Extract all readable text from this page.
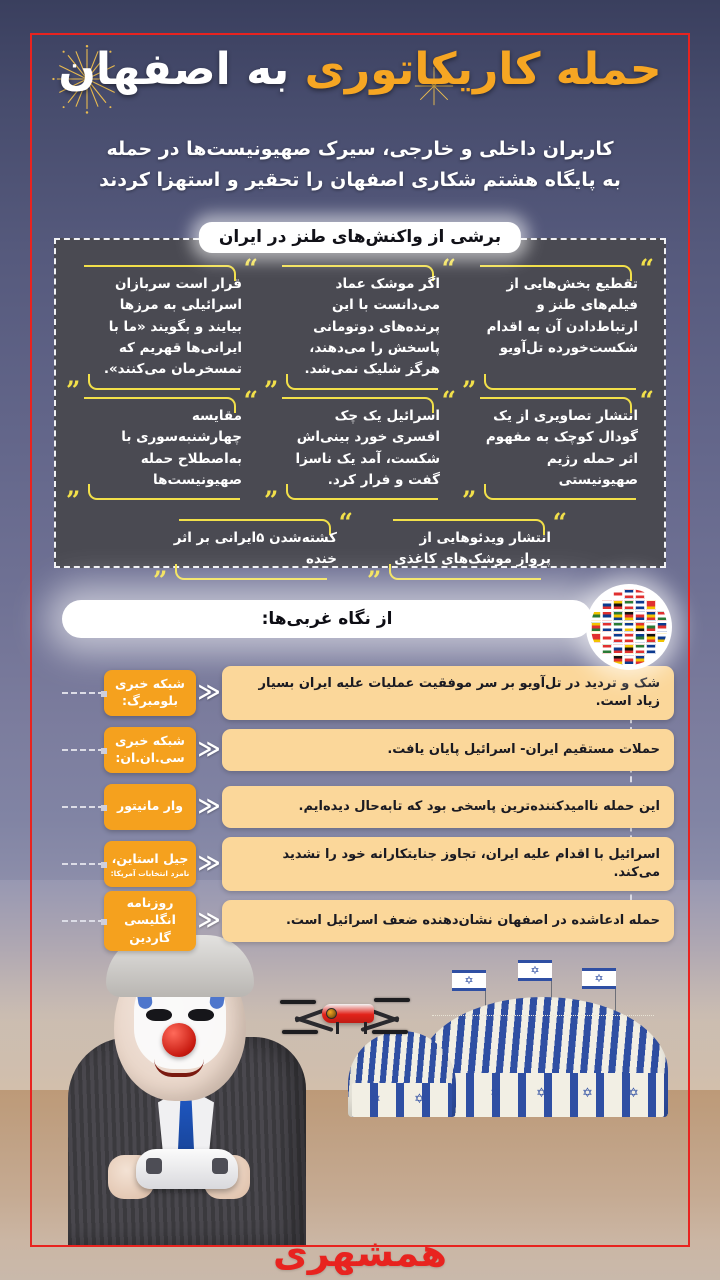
حمله کاریکاتوری به اصفهان
کاربران داخلی و خارجی، سیرک صهیونیست‌ها در حمله
به پایگاه هشتم شکاری اصفهان را تحقیر و استهزا کردند
برشی از واکنش‌های طنز در ایران
“
تقطیع بخش‌هایی از فیلم‌های طنز و ارتباط‌دادن آن به اقدام شکست‌خورده تل‌آویو
”
“
اگر موشک عماد می‌دانست با این پرنده‌های دوتومانی پاسخش را می‌دهند، هرگز شلیک نمی‌شد.
”
“
قرار است سربازان اسرائیلی به مرزها بیایند و بگویند «ما با ایرانی‌ها قهریم که تمسخرمان می‌کنند».
”	“
انتشار تصاویری از یک گودال کوچک به مفهوم اثر حمله رژیم صهیونیستی
”
“
اسرائیل یک چک افسری خورد بینی‌اش شکست، آمد یک ناسزا گفت و فرار کرد.
”
“
مقایسه چهارشنبه‌سوری با به‌اصطلاح حمله صهیونیست‌ها
”
“
انتشار ویدئوهایی از پرواز موشک‌های کاغذی
”
“
کشته‌شدن ۵ایرانی بر اثر خنده
”
از نگاه غربی‌ها:
شبکه خبری بلومبرگ: ≪	شک و تردید در تل‌آویو بر سر موفقیت عملیات علیه ایران بسیار زیاد است.
شبکه خبری سی.ان.ان: ≪	حملات مستقیم ایران- اسرائیل پایان یافت.
وار مانیتور ≪	این حمله ناامیدکننده‌ترین پاسخی بود که تابه‌حال دیده‌ایم.
جیل استاین،
نامزد انتخابات آمریکا: ≪	اسرائیل با اقدام علیه ایران، تجاوز جنایتکارانه خود را تشدید می‌کند.
روزنامه انگلیسی گاردین
≪	حمله ادعاشده در اصفهان نشان‌دهنده ضعف اسرائیل است.
✡
✡
✡
✡	✡	✡	✡
✡	✡
همشهری
